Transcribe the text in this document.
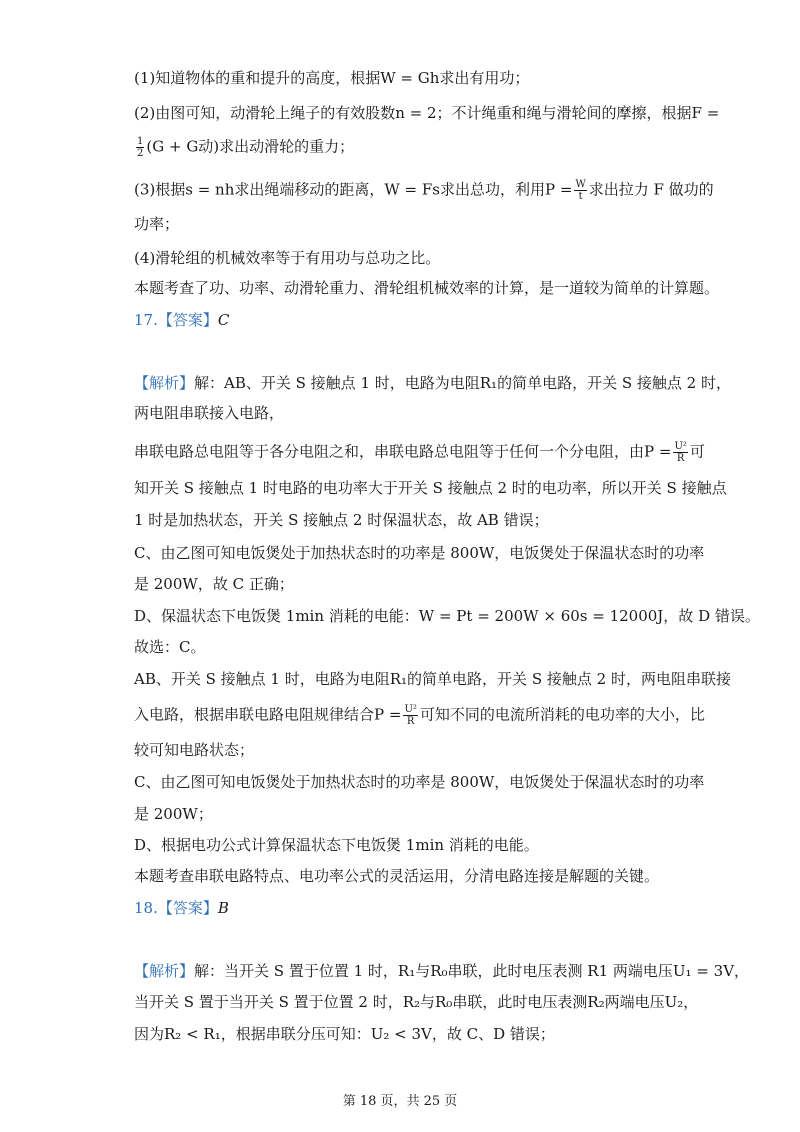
(1)知道物体的重和提升的高度，根据W = Gh求出有用功；
(2)由图可知，动滑轮上绳子的有效股数n = 2；不计绳重和绳与滑轮间的摩擦，根据F =
$\frac{1}{2} (G + G$动)求出动滑轮的重力；
(3)根据s = nh求出绳端移动的距离，W = Fs求出总功，利用$P = \frac{W}{t}$ 求出拉力 F 做功的
功率；
(4)滑轮组的机械效率等于有用功与总功之比。
本题考查了功、功率、动滑轮重力、滑轮组机械效率的计算，是一道较为简单的计算题。
17.【答案】C
【解析】解：AB、开关 S 接触点 1 时，电路为电阻R₁的简单电路，开关 S 接触点 2 时，
两电阻串联接入电路，
串联电路总电阻等于各分电阻之和，串联电路总电阻等于任何一个分电阻，由$P = \frac{\text{U²}}{R}$ 可
知开关 S 接触点 1 时电路的电功率大于开关 S 接触点 2 时的电功率，所以开关 S 接触点
1 时是加热状态，开关 S 接触点 2 时保温状态，故 AB 错误；
C、由乙图可知电饭煲处于加热状态时的功率是 800W，电饭煲处于保温状态时的功率
是 200W，故 C 正确；
D、保温状态下电饭煲 1min 消耗的电能：W = Pt = 200W × 60s = 12000J，故 D 错误。
故选：C。
AB、开关 S 接触点 1 时，电路为电阻R₁的简单电路，开关 S 接触点 2 时，两电阻串联接
入电路，根据串联电路电阻规律结合$P = \frac{\text{U²}}{R}$ 可知不同的电流所消耗的电功率的大小，比
较可知电路状态；
C、由乙图可知电饭煲处于加热状态时的功率是 800W，电饭煲处于保温状态时的功率
是 200W；
D、根据电功公式计算保温状态下电饭煲 1min 消耗的电能。
本题考查串联电路特点、电功率公式的灵活运用，分清电路连接是解题的关键。
18.【答案】B
【解析】解：当开关 S 置于位置 1 时，R₁与R₀串联，此时电压表测 R1 两端电压U₁ = 3V，
当开关 S 置于当开关 S 置于位置 2 时，R₂与R₀串联，此时电压表测R₂两端电压U₂，
因为R₂ < R₁，根据串联分压可知：U₂ < 3V，故 C、D 错误；
第 18 页，共 25 页
